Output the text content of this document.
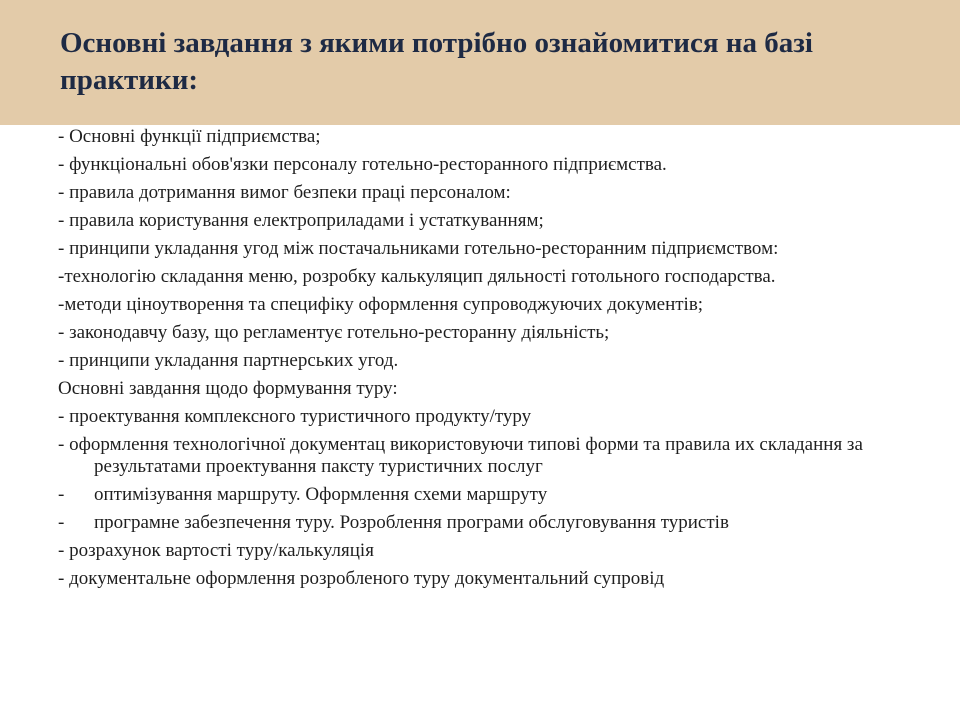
Основні завдання з якими потрібно ознайомитися на базі практики:
- Основні функції підприємства;
- функціональні обов'язки персоналу готельно-ресторанного підприємства.
- правила дотримання вимог безпеки праці персоналом:
- правила користування електроприладами і устаткуванням;
- принципи укладання угод між постачальниками готельно-ресторанним підприємством:
-технологію складання меню, розробку калькуляцип дяльності готольного господарства.
-методи ціноутворення та специфіку оформлення супроводжуючих документів;
- законодавчу базу, що регламентує готельно-ресторанну діяльність;
- принципи укладання партнерських угод.
Основні завдання щодо формування туру:
- проектування комплексного туристичного продукту/туру
- оформлення технологічної документац використовуючи типові форми та правила их складання за результатами проектування паксту туристичних послуг
- оптимізування маршруту. Оформлення схеми маршруту
- програмне забезпечення туру. Розроблення програми обслуговування туристів
- розрахунок вартості туру/калькуляція
- документальне оформлення розробленого туру документальний супровід
